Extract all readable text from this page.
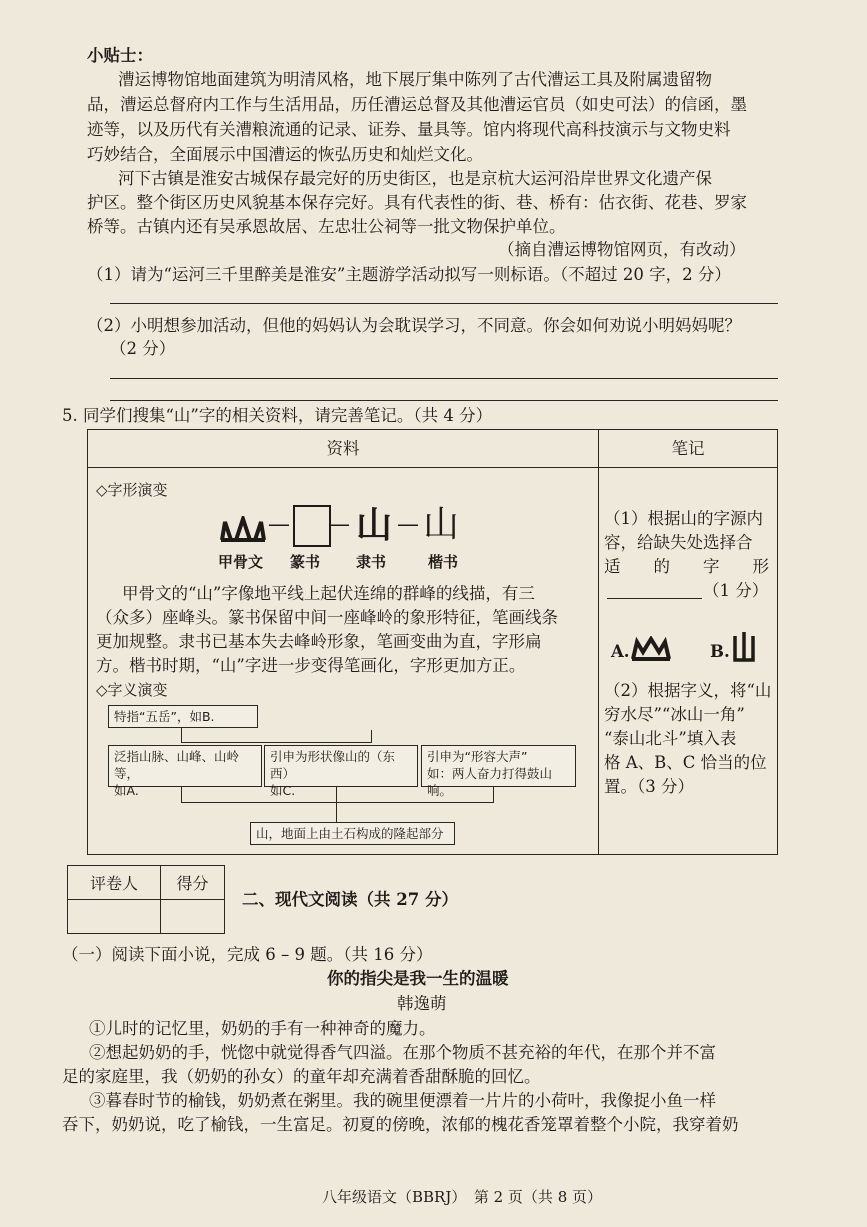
小贴士：
漕运博物馆地面建筑为明清风格，地下展厅集中陈列了古代漕运工具及附属遗留物
品，漕运总督府内工作与生活用品，历任漕运总督及其他漕运官员（如史可法）的信函，墨
迹等，以及历代有关漕粮流通的记录、证券、量具等。馆内将现代高科技演示与文物史料
巧妙结合，全面展示中国漕运的恢弘历史和灿烂文化。
河下古镇是淮安古城保存最完好的历史街区，也是京杭大运河沿岸世界文化遗产保
护区。整个街区历史风貌基本保存完好。具有代表性的街、巷、桥有：估衣街、花巷、罗家
桥等。古镇内还有吴承恩故居、左忠壮公祠等一批文物保护单位。
（摘自漕运博物馆网页，有改动）
（1）请为“运河三千里醉美是淮安”主题游学活动拟写一则标语。（不超过 20 字，2 分）
（2）小明想参加活动，但他的妈妈认为会耽误学习，不同意。你会如何劝说小明妈妈呢？
（2 分）
5. 同学们搜集“山”字的相关资料，请完善笔记。（共 4 分）
资料	笔记

◇字形演变
— — 山 — 山
甲骨文 篆书 隶书	楷书
甲骨文的“山”字像地平线上起伏连绵的群峰的线描，有三
（众多）座峰头。篆书保留中间一座峰岭的象形特征，笔画线条
更加规整。隶书已基本失去峰岭形象，笔画变曲为直，字形扁
方。楷书时期，“山”字进一步变得笔画化，字形更加方正。
◇字义演变
特指“五岳”，如B.
泛指山脉、山峰、山岭等，
如A.
引申为形状像山的（东西）
如C.
引申为“形容大声”
如：两人奋力打得鼓山响。
山，地面上由土石构成的隆起部分
（1）根据山的字源内
容，给缺失处选择合
适　　的　　字　　形
（1 分）
A.	B.
（2）根据字义，将“山
穷水尽”“冰山一角”
“泰山北斗”填入表
格 A、B、C 恰当的位
置。（3 分）
评卷人	得分

二、现代文阅读（共 27 分）
（一）阅读下面小说，完成 6 – 9 题。（共 16 分）
你的指尖是我一生的温暖
韩逸萌
①儿时的记忆里，奶奶的手有一种神奇的魔力。
②想起奶奶的手，恍惚中就觉得香气四溢。在那个物质不甚充裕的年代，在那个并不富
足的家庭里，我（奶奶的孙女）的童年却充满着香甜酥脆的回忆。
③暮春时节的榆钱，奶奶煮在粥里。我的碗里便漂着一片片的小荷叶，我像捉小鱼一样
吞下，奶奶说，吃了榆钱，一生富足。初夏的傍晚，浓郁的槐花香笼罩着整个小院，我穿着奶
八年级语文（BBRJ）　第 2 页（共 8 页）
